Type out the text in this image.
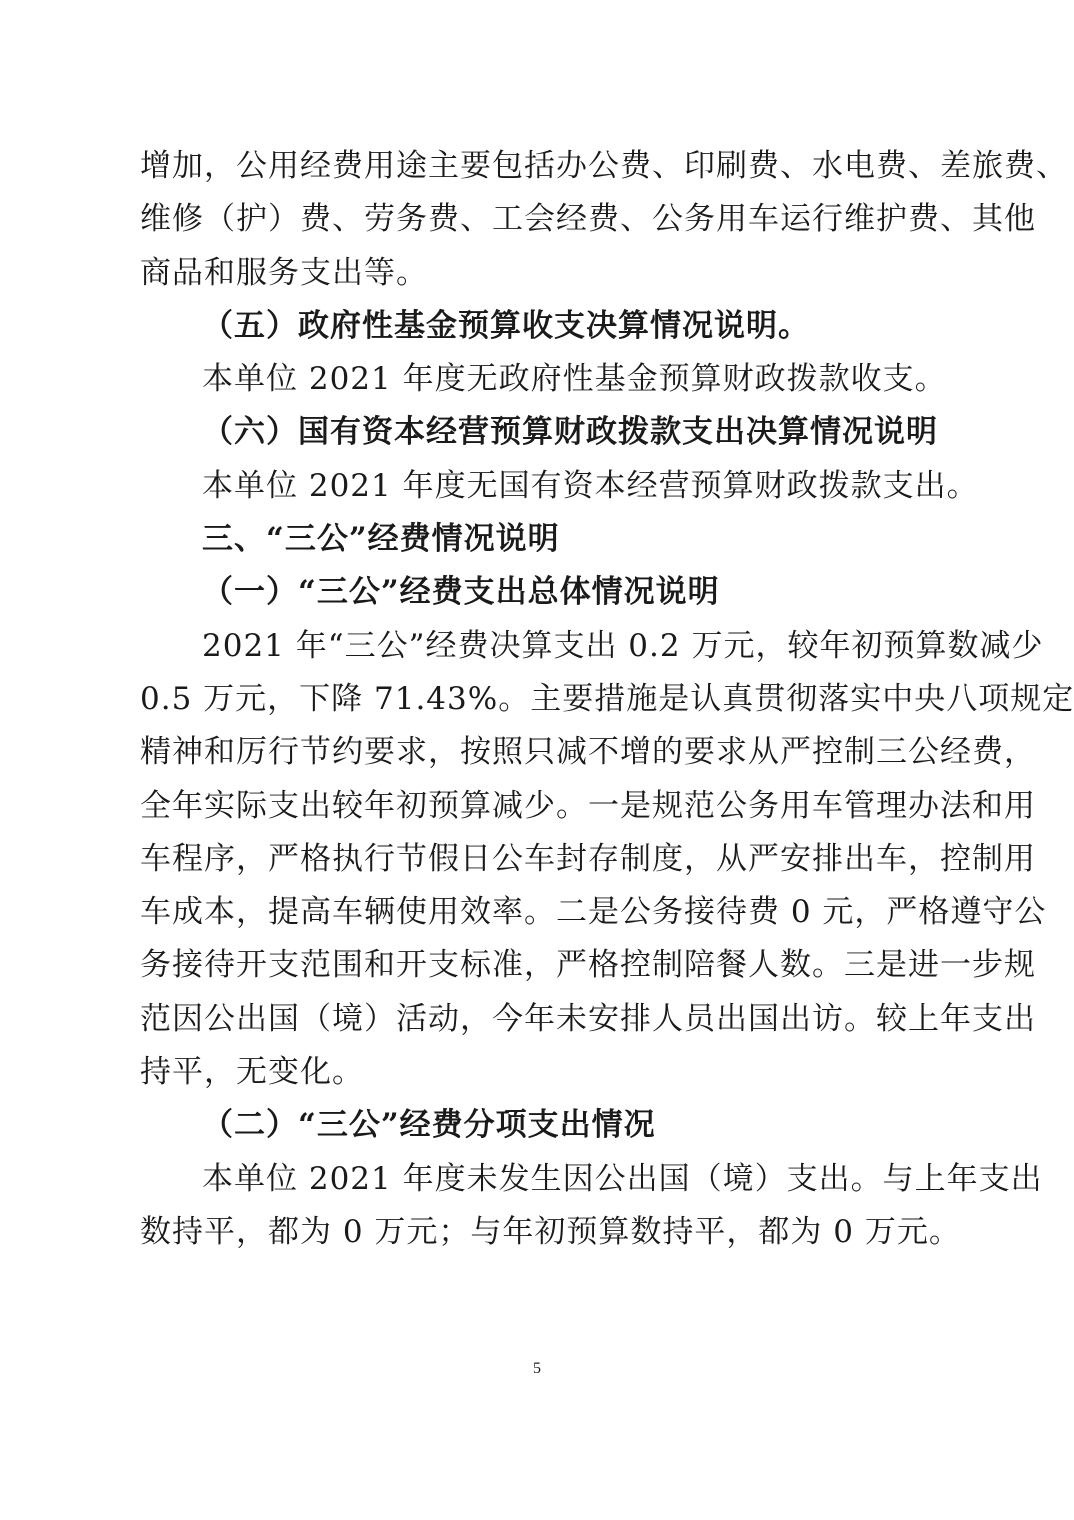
增加，公用经费用途主要包括办公费、印刷费、水电费、差旅费、
维修（护）费、劳务费、工会经费、公务用车运行维护费、其他
商品和服务支出等。
（五）政府性基金预算收支决算情况说明。
本单位 2021 年度无政府性基金预算财政拨款收支。
（六）国有资本经营预算财政拨款支出决算情况说明
本单位 2021 年度无国有资本经营预算财政拨款支出。
三、“三公”经费情况说明
（一）“三公”经费支出总体情况说明
2021 年“三公”经费决算支出 0.2 万元，较年初预算数减少
0.5 万元，下降 71.43%。主要措施是认真贯彻落实中央八项规定
精神和厉行节约要求，按照只减不增的要求从严控制三公经费，
全年实际支出较年初预算减少。一是规范公务用车管理办法和用
车程序，严格执行节假日公车封存制度，从严安排出车，控制用
车成本，提高车辆使用效率。二是公务接待费 0 元，严格遵守公
务接待开支范围和开支标准，严格控制陪餐人数。三是进一步规
范因公出国（境）活动，今年未安排人员出国出访。较上年支出
持平，无变化。
（二）“三公”经费分项支出情况
本单位 2021 年度未发生因公出国（境）支出。与上年支出
数持平，都为 0 万元；与年初预算数持平，都为 0 万元。
5
